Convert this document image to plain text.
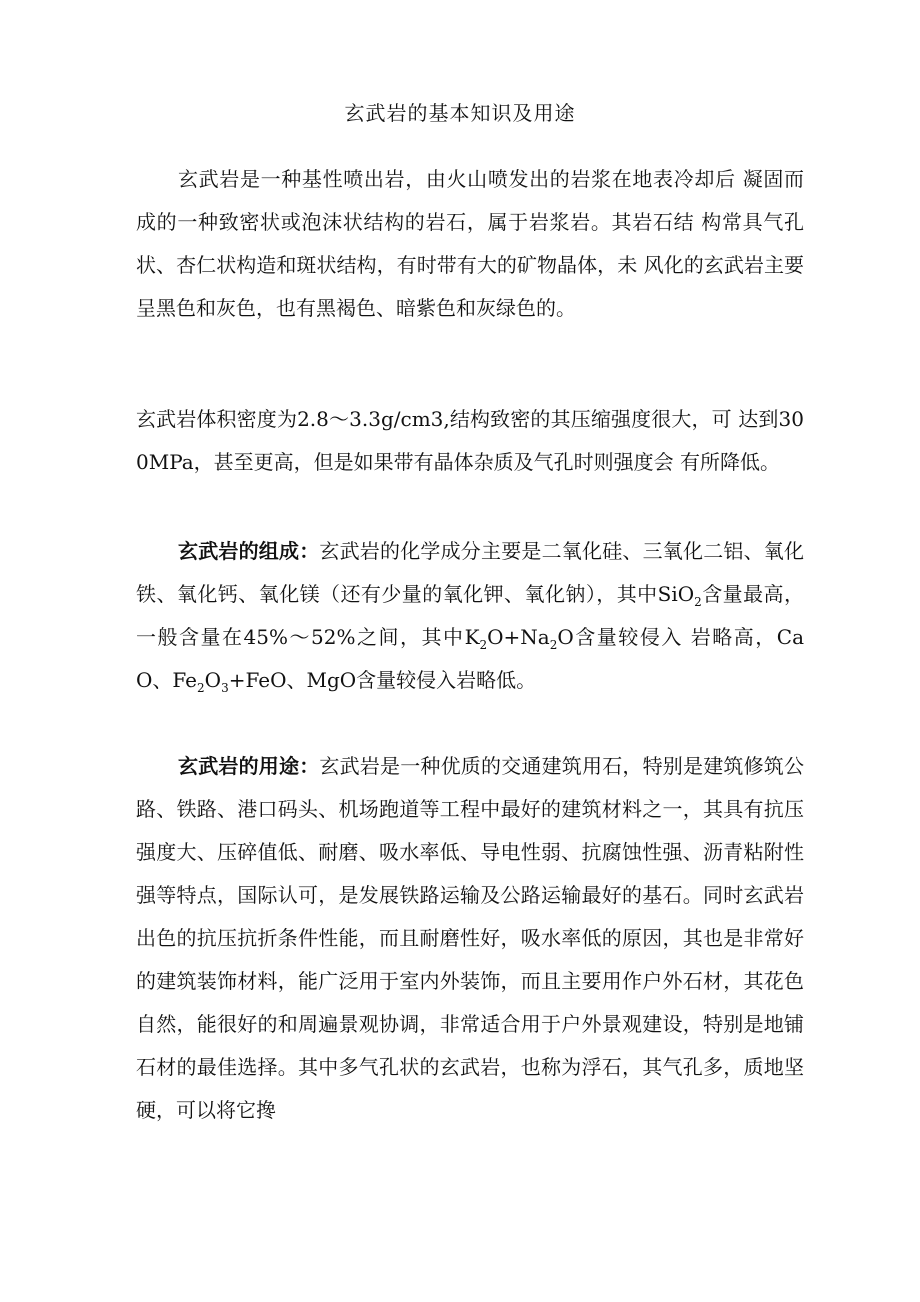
玄武岩的基本知识及用途

玄武岩是一种基性喷出岩，由火山喷发出的岩浆在地表冷却后 凝固而成的一种致密状或泡沫状结构的岩石，属于岩浆岩。其岩石结 构常具气孔状、杏仁状构造和斑状结构，有时带有大的矿物晶体，未 风化的玄武岩主要呈黑色和灰色，也有黑褐色、暗紫色和灰绿色的。

玄武岩体积密度为2.8〜3.3g/cm3,结构致密的其压缩强度很大，可 达到300MPa，甚至更高，但是如果带有晶体杂质及气孔时则强度会 有所降低。

玄武岩的组成：玄武岩的化学成分主要是二氧化硅、三氧化二铝、氧化铁、氧化钙、氧化镁（还有少量的氧化钾、氧化钠），其中SiO$_2$含量最高，一般含量在45%〜52%之间，其中$K_2O+Na_2O$含量较侵入 岩略高，CaO、$Fe_2O_3+FeO$、MgO含量较侵入岩略低。

玄武岩的用途：玄武岩是一种优质的交通建筑用石，特别是建筑修筑公路、铁路、港口码头、机场跑道等工程中最好的建筑材料之一，其具有抗压强度大、压碎值低、耐磨、吸水率低、导电性弱、抗腐蚀性强、沥青粘附性强等特点，国际认可，是发展铁路运输及公路运输最好的基石。同时玄武岩出色的抗压抗折条件性能，而且耐磨性好，吸水率低的原因，其也是非常好的建筑装饰材料，能广泛用于室内外装饰，而且主要用作户外石材，其花色自然，能很好的和周遍景观协调，非常适合用于户外景观建设，特别是地铺石材的最佳选择。其中多气孔状的玄武岩，也称为浮石，其气孔多，质地坚硬，可以将它搀
